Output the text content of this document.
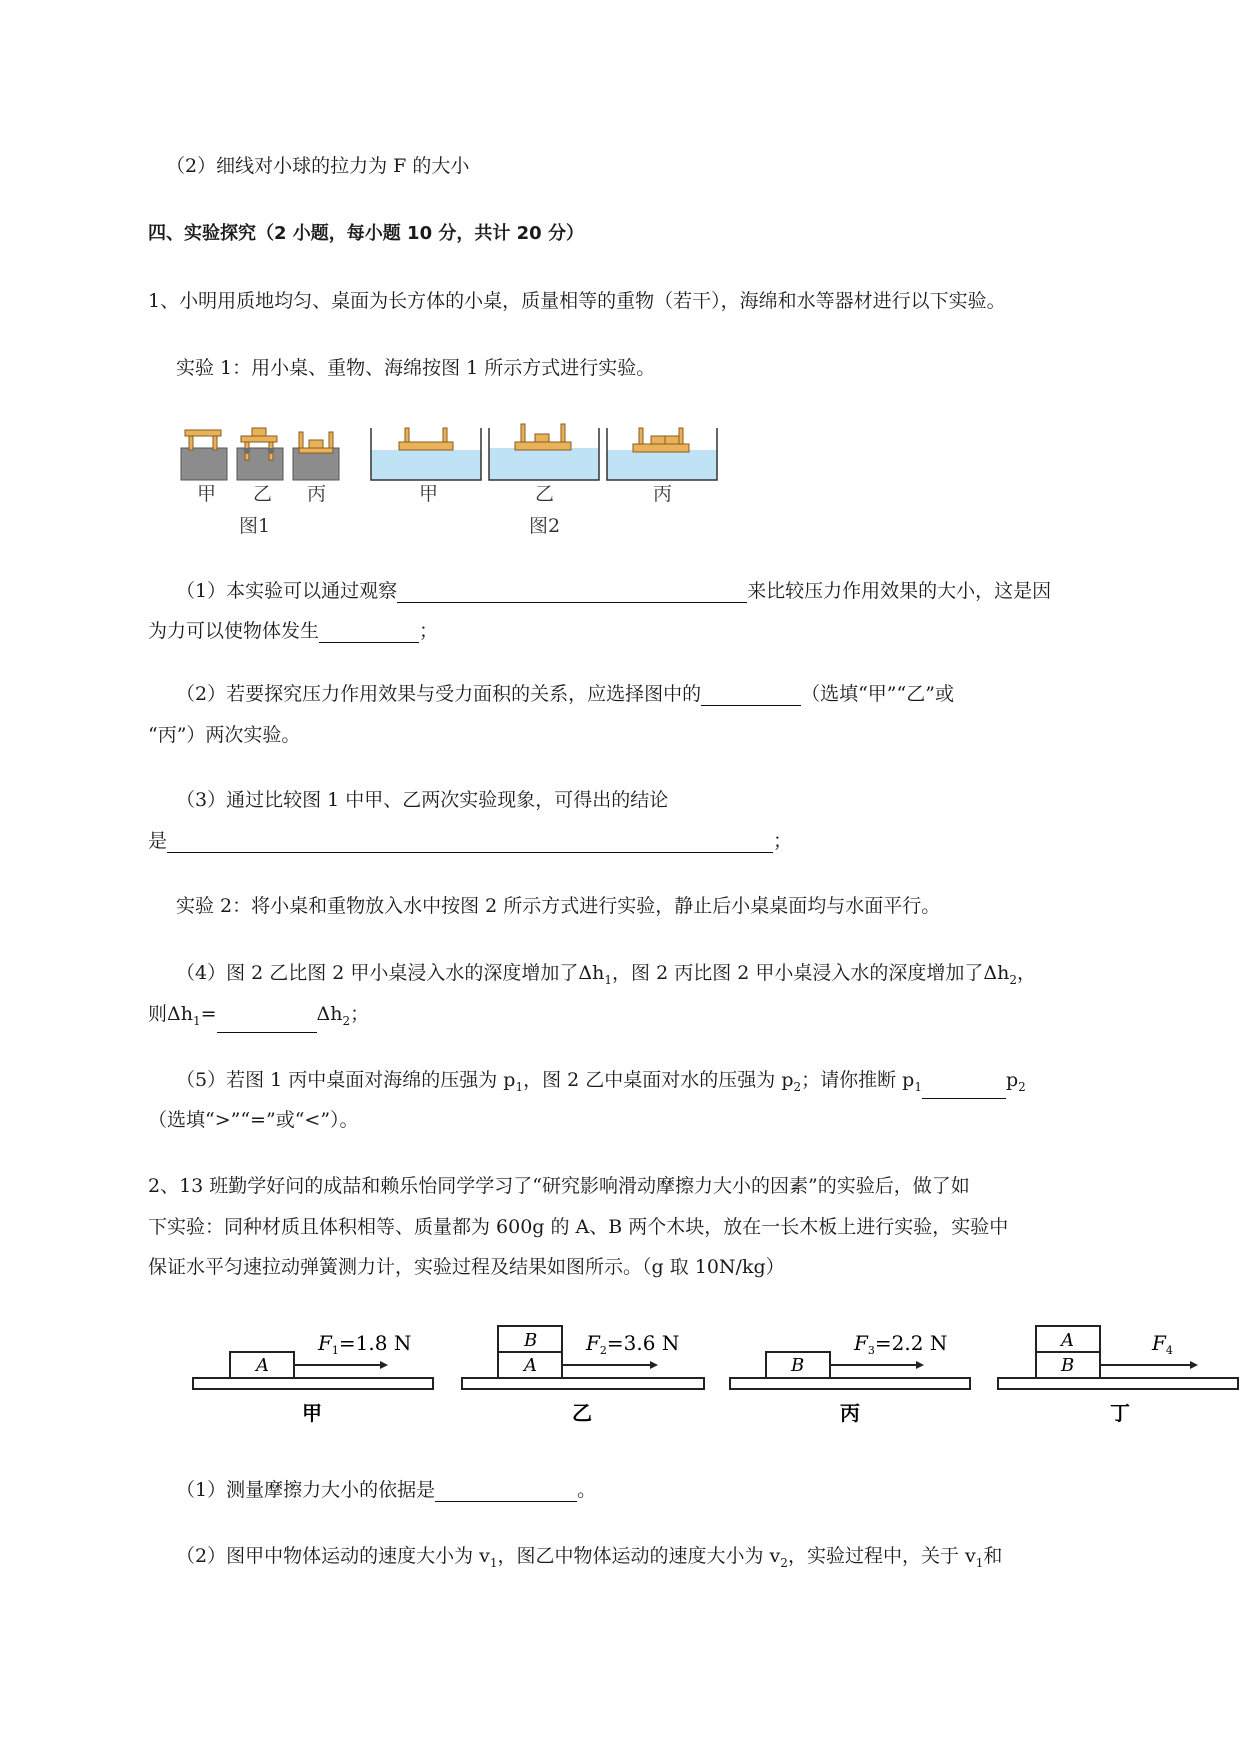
（2）细线对小球的拉力为 F 的大小
四、实验探究（2 小题，每小题 10 分，共计 20 分）
1、小明用质地均匀、桌面为长方体的小桌，质量相等的重物（若干），海绵和水等器材进行以下实验。
实验 1：用小桌、重物、海绵按图 1 所示方式进行实验。
甲 乙 丙
图1
甲	乙	丙
图2
（1）本实验可以通过观察	来比较压力作用效果的大小，这是因
为力可以使物体发生	；
（2）若要探究压力作用效果与受力面积的关系，应选择图中的	（选填“甲”“乙”或
“丙”）两次实验。
（3）通过比较图 1 中甲、乙两次实验现象，可得出的结论
是	；
实验 2：将小桌和重物放入水中按图 2 所示方式进行实验，静止后小桌桌面均与水面平行。
（4）图 2 乙比图 2 甲小桌浸入水的深度增加了$\Delta h_1$，图 2 丙比图 2 甲小桌浸入水的深度增加了$\Delta h_2$，
则$\Delta h_1=$	$\Delta h_2$；
（5）若图 1 丙中桌面对海绵的压强为 $p_1$，图 2 乙中桌面对水的压强为 $p_2$；请你推断 $p_1$	$p_2$
（选填“>”“=”或“<”）。
2、13 班勤学好问的成喆和赖乐怡同学学习了“研究影响滑动摩擦力大小的因素”的实验后，做了如
下实验：同种材质且体积相等、质量都为 600g 的 A、B 两个木块，放在一长木板上进行实验，实验中
保证水平匀速拉动弹簧测力计，实验过程及结果如图所示。（g 取 10N/kg）
A
$F_1=1.8$ N
甲
B
A
$F_2=3.6$ N
乙
B
$F_3=2.2$ N
丙
A
B
$F_4$
丁
（1）测量摩擦力大小的依据是	。
（2）图甲中物体运动的速度大小为 $v_1$，图乙中物体运动的速度大小为 $v_2$，实验过程中，关于 $v_1$和
